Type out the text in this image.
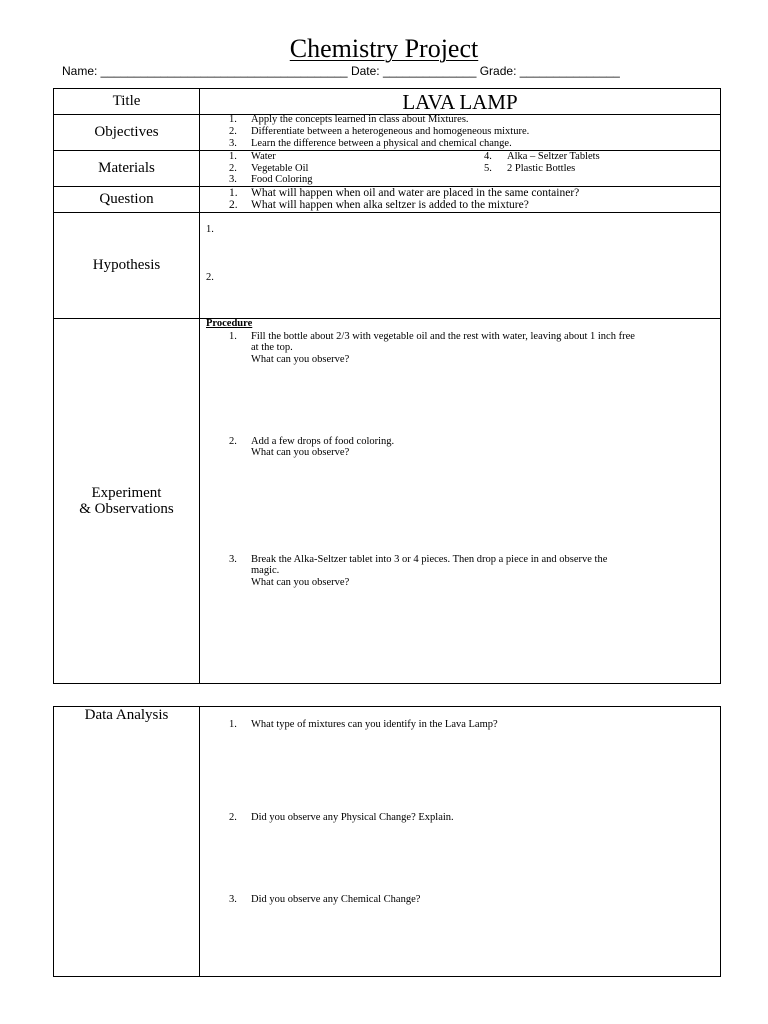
Chemistry Project
Name: _____________________________________ Date: ______________ Grade: _______________
Title	LAVA LAMP
Objectives
1. Apply the concepts learned in class about Mixtures.
2. Differentiate between a heterogeneous and homogeneous mixture.
3. Learn the difference between a physical and chemical change.
Materials
1. Water
2. Vegetable Oil
3. Food Coloring
4. Alka – Seltzer Tablets
5. 2 Plastic Bottles
Question	1. What will happen when oil and water are placed in the same container?
2. What will happen when alka seltzer is added to the mixture?
Hypothesis
1.
2.
Experiment
& Observations
Procedure
1. Fill the bottle about 2/3 with vegetable oil and the rest with water, leaving about 1 inch free
at the top.
What can you observe?
2. Add a few drops of food coloring.
What can you observe?
3. Break the Alka-Seltzer tablet into 3 or 4 pieces. Then drop a piece in and observe the
magic.
What can you observe?
Data Analysis
1. What type of mixtures can you identify in the Lava Lamp?
2. Did you observe any Physical Change? Explain.
3. Did you observe any Chemical Change?
